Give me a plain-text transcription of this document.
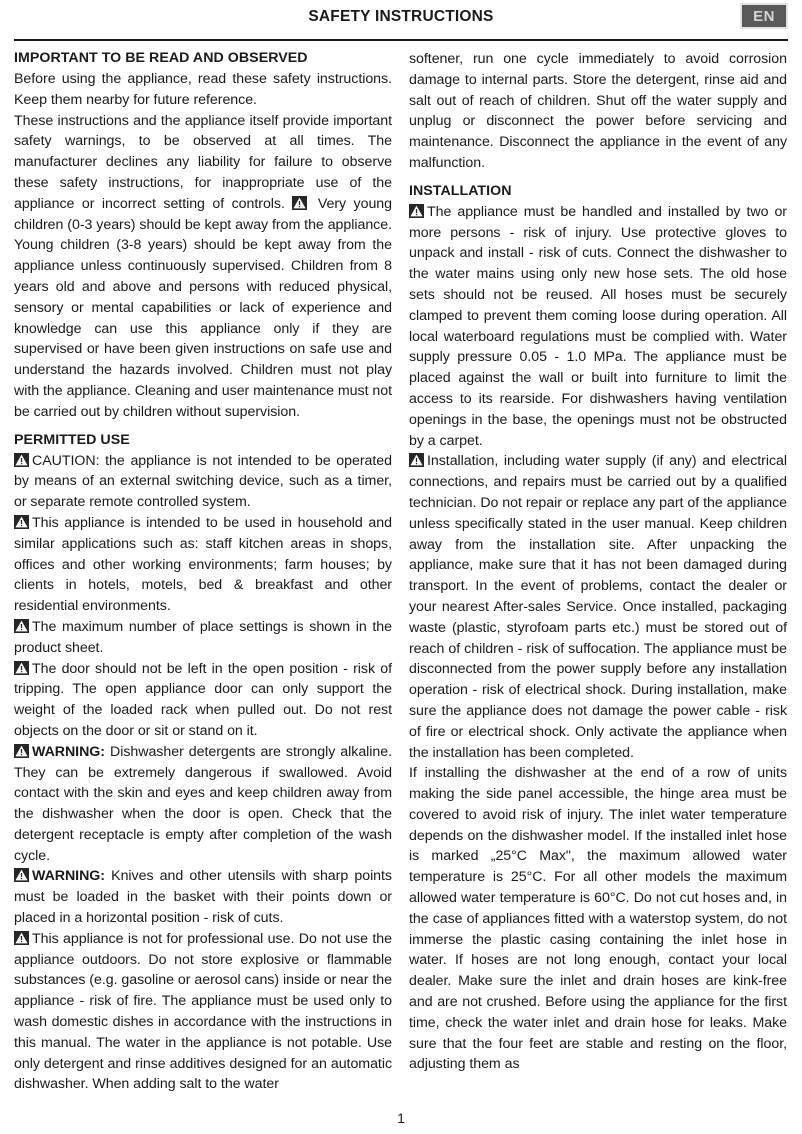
SAFETY INSTRUCTIONS	EN
IMPORTANT TO BE READ AND OBSERVED

Before using the appliance, read these safety instructions. Keep them nearby for future reference.

These instructions and the appliance itself provide important safety warnings, to be observed at all times. The manufacturer declines any liability for failure to observe these safety instructions, for inappropriate use of the appliance or incorrect setting of controls. Very young children (0-3 years) should be kept away from the appliance. Young children (3-8 years) should be kept away from the appliance unless continuously supervised. Children from 8 years old and above and persons with reduced physical, sensory or mental capabilities or lack of experience and knowledge can use this appliance only if they are supervised or have been given instructions on safe use and understand the hazards involved. Children must not play with the appliance. Cleaning and user maintenance must not be carried out by children without supervision.

PERMITTED USE

CAUTION: the appliance is not intended to be operated by means of an external switching device, such as a timer, or separate remote controlled system.

This appliance is intended to be used in household and similar applications such as: staff kitchen areas in shops, offices and other working environments; farm houses; by clients in hotels, motels, bed & breakfast and other residential environments.

The maximum number of place settings is shown in the product sheet.

The door should not be left in the open position - risk of tripping. The open appliance door can only support the weight of the loaded rack when pulled out. Do not rest objects on the door or sit or stand on it.

WARNING: Dishwasher detergents are strongly alkaline. They can be extremely dangerous if swallowed. Avoid contact with the skin and eyes and keep children away from the dishwasher when the door is open. Check that the detergent receptacle is empty after completion of the wash cycle.

WARNING: Knives and other utensils with sharp points must be loaded in the basket with their points down or placed in a horizontal position - risk of cuts.

This appliance is not for professional use. Do not use the appliance outdoors. Do not store explosive or flammable substances (e.g. gasoline or aerosol cans) inside or near the appliance - risk of fire. The appliance must be used only to wash domestic dishes in accordance with the instructions in this manual. The water in the appliance is not potable. Use only detergent and rinse additives designed for an automatic dishwasher. When adding salt to the water

softener, run one cycle immediately to avoid corrosion damage to internal parts. Store the detergent, rinse aid and salt out of reach of children. Shut off the water supply and unplug or disconnect the power before servicing and maintenance. Disconnect the appliance in the event of any malfunction.

INSTALLATION

The appliance must be handled and installed by two or more persons - risk of injury. Use protective gloves to unpack and install - risk of cuts. Connect the dishwasher to the water mains using only new hose sets. The old hose sets should not be reused. All hoses must be securely clamped to prevent them coming loose during operation. All local waterboard regulations must be complied with. Water supply pressure 0.05 - 1.0 MPa. The appliance must be placed against the wall or built into furniture to limit the access to its rearside. For dishwashers having ventilation openings in the base, the openings must not be obstructed by a carpet.

Installation, including water supply (if any) and electrical connections, and repairs must be carried out by a qualified technician. Do not repair or replace any part of the appliance unless specifically stated in the user manual. Keep children away from the installation site. After unpacking the appliance, make sure that it has not been damaged during transport. In the event of problems, contact the dealer or your nearest After-sales Service. Once installed, packaging waste (plastic, styrofoam parts etc.) must be stored out of reach of children - risk of suffocation. The appliance must be disconnected from the power supply before any installation operation - risk of electrical shock. During installation, make sure the appliance does not damage the power cable - risk of fire or electrical shock. Only activate the appliance when the installation has been completed.

If installing the dishwasher at the end of a row of units making the side panel accessible, the hinge area must be covered to avoid risk of injury. The inlet water temperature depends on the dishwasher model. If the installed inlet hose is marked „25°C Max", the maximum allowed water temperature is 25°C. For all other models the maximum allowed water temperature is 60°C. Do not cut hoses and, in the case of appliances fitted with a waterstop system, do not immerse the plastic casing containing the inlet hose in water. If hoses are not long enough, contact your local dealer. Make sure the inlet and drain hoses are kink-free and are not crushed. Before using the appliance for the first time, check the water inlet and drain hose for leaks. Make sure that the four feet are stable and resting on the floor, adjusting them as

1
